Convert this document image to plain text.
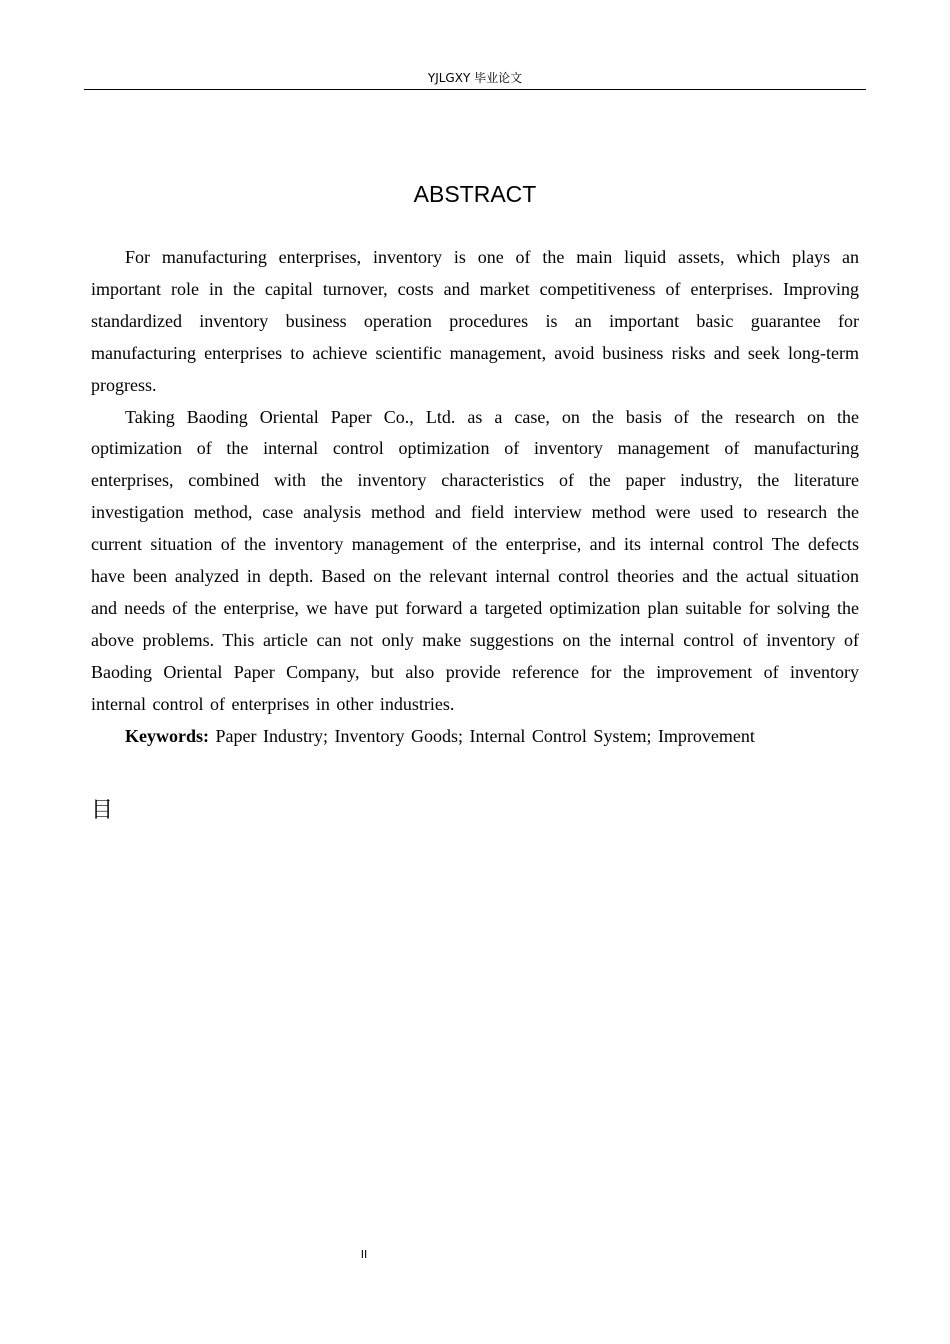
YJLGXY 毕业论文
ABSTRACT

For manufacturing enterprises, inventory is one of the main liquid assets, which plays an important role in the capital turnover, costs and market competitiveness of enterprises. Improving standardized inventory business operation procedures is an important basic guarantee for manufacturing enterprises to achieve scientific management, avoid business risks and seek long-term progress.

Taking Baoding Oriental Paper Co., Ltd. as a case, on the basis of the research on the optimization of the internal control optimization of inventory management of manufacturing enterprises, combined with the inventory characteristics of the paper industry, the literature investigation method, case analysis method and field interview method were used to research the current situation of the inventory management of the enterprise, and its internal control The defects have been analyzed in depth. Based on the relevant internal control theories and the actual situation and needs of the enterprise, we have put forward a targeted optimization plan suitable for solving the above problems. This article can not only make suggestions on the internal control of inventory of Baoding Oriental Paper Company, but also provide reference for the improvement of inventory internal control of enterprises in other industries.

Keywords: Paper Industry; Inventory Goods; Internal Control System; Improvement

目
II
